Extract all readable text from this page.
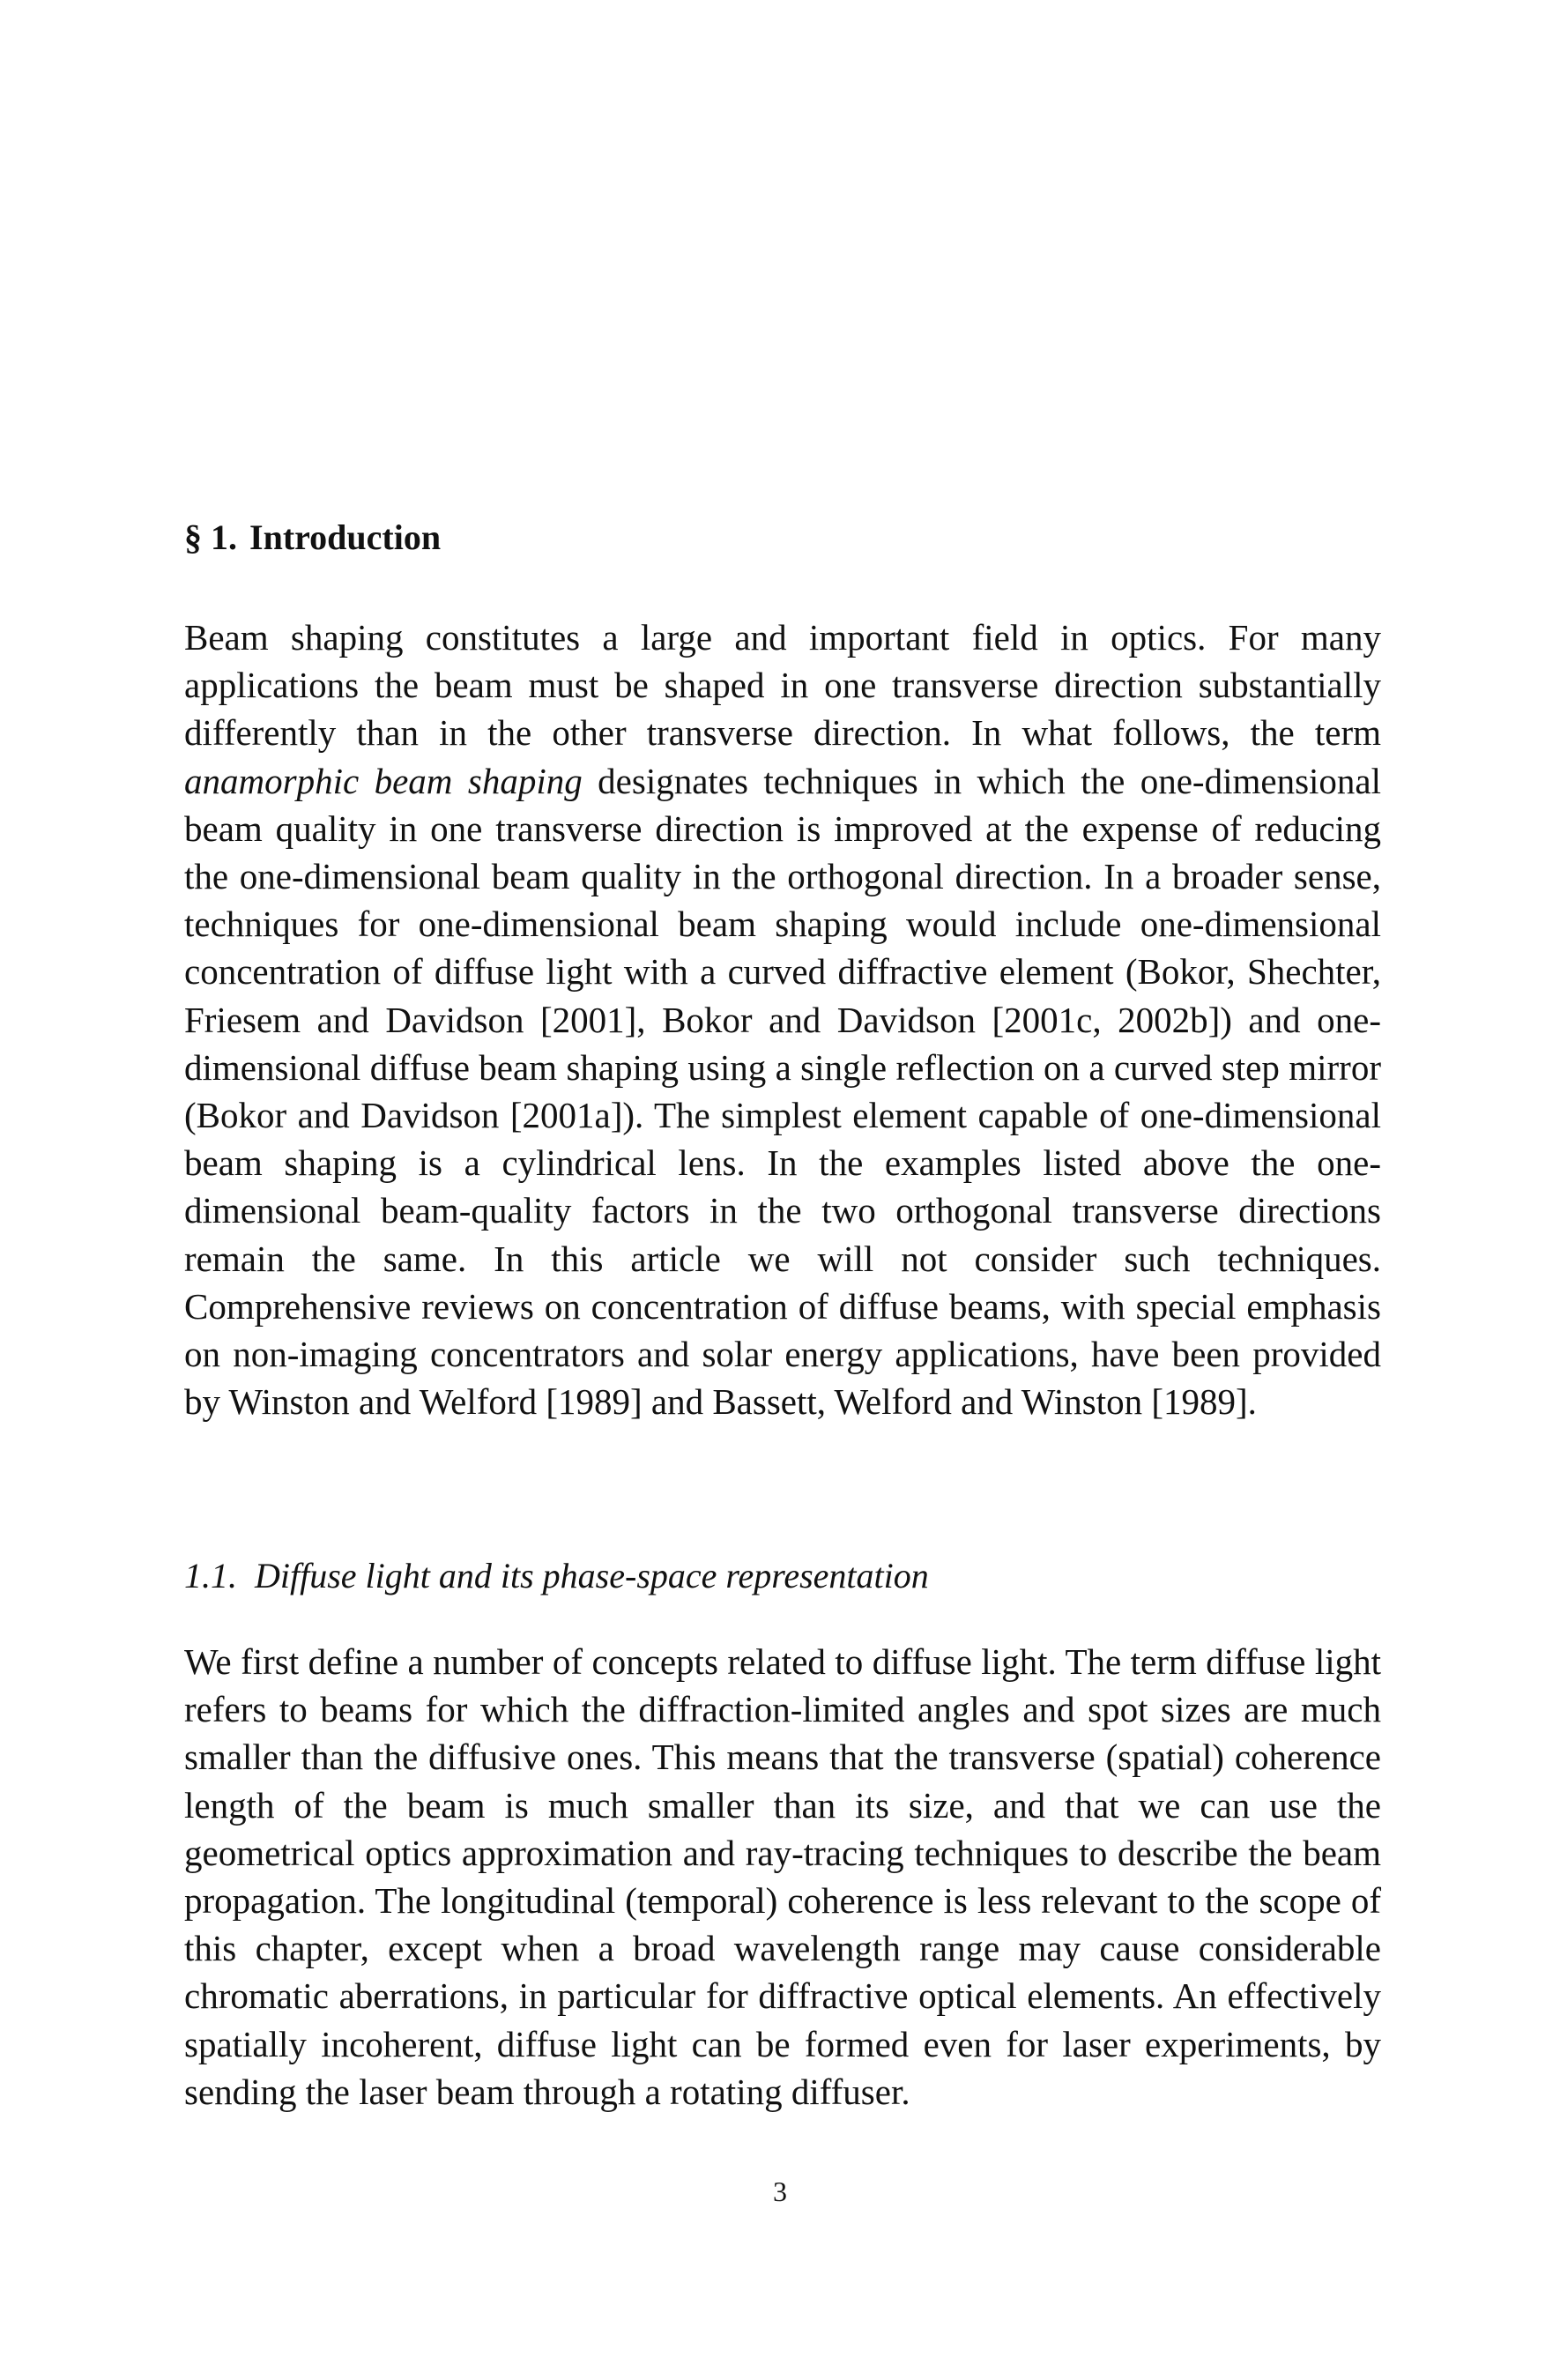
§ 1. Introduction

Beam shaping constitutes a large and important field in optics. For many applications the beam must be shaped in one transverse direction substantially differently than in the other transverse direction. In what follows, the term anamorphic beam shaping designates techniques in which the one-dimensional beam quality in one transverse direction is improved at the expense of reducing the one-dimensional beam quality in the orthogonal direction. In a broader sense, techniques for one-dimensional beam shaping would include one-dimensional concentration of diffuse light with a curved diffractive element (Bokor, Shechter, Friesem and Davidson [2001], Bokor and Davidson [2001c, 2002b]) and one-dimensional diffuse beam shaping using a single reflection on a curved step mirror (Bokor and Davidson [2001a]). The simplest element capable of one-dimensional beam shaping is a cylindrical lens. In the examples listed above the one-dimensional beam-quality factors in the two orthogonal transverse directions remain the same. In this article we will not consider such techniques. Comprehensive reviews on concentration of diffuse beams, with special emphasis on non-imaging concentrators and solar energy applications, have been provided by Winston and Welford [1989] and Bassett, Welford and Winston [1989].

1.1. Diffuse light and its phase-space representation

We first define a number of concepts related to diffuse light. The term diffuse light refers to beams for which the diffraction-limited angles and spot sizes are much smaller than the diffusive ones. This means that the transverse (spatial) coherence length of the beam is much smaller than its size, and that we can use the geometrical optics approximation and ray-tracing techniques to describe the beam propagation. The longitudinal (temporal) coherence is less relevant to the scope of this chapter, except when a broad wavelength range may cause considerable chromatic aberrations, in particular for diffractive optical elements. An effectively spatially incoherent, diffuse light can be formed even for laser experiments, by sending the laser beam through a rotating diffuser.

3
